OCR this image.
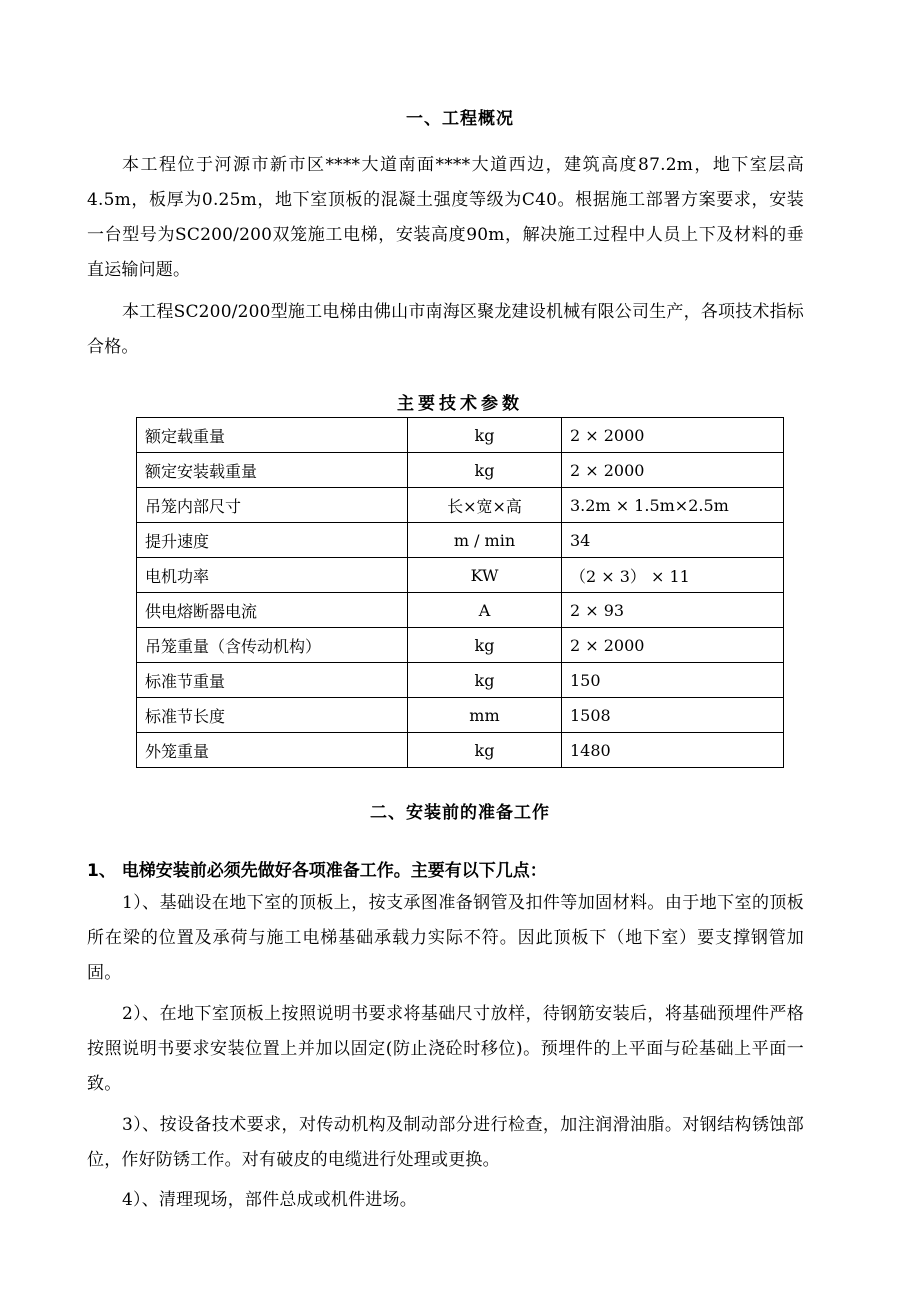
一、工程概况
本工程位于河源市新市区****大道南面****大道西边，建筑高度87.2m，地下室层高4.5m，板厚为0.25m，地下室顶板的混凝土强度等级为C40。根据施工部署方案要求，安装一台型号为SC200/200双笼施工电梯，安装高度90m，解决施工过程中人员上下及材料的垂直运输问题。
本工程SC200/200型施工电梯由佛山市南海区聚龙建设机械有限公司生产，各项技术指标合格。
主要技术参数
额定载重量	kg	2 × 2000
额定安装载重量	kg	2 × 2000
吊笼内部尺寸	长×宽×高	3.2m × 1.5m×2.5m
提升速度	m / min	34
电机功率	KW	（2 × 3） × 11
供电熔断器电流	A	2 × 93
吊笼重量（含传动机构）	kg	2 × 2000
标准节重量	kg	150
标准节长度	mm	1508
外笼重量	kg	1480
二、安装前的准备工作
1、 电梯安装前必须先做好各项准备工作。主要有以下几点：
1）、基础设在地下室的顶板上，按支承图准备钢管及扣件等加固材料。由于地下室的顶板所在梁的位置及承荷与施工电梯基础承载力实际不符。因此顶板下（地下室）要支撑钢管加固。
2）、在地下室顶板上按照说明书要求将基础尺寸放样，待钢筋安装后，将基础预埋件严格按照说明书要求安装位置上并加以固定(防止浇砼时移位)。预埋件的上平面与砼基础上平面一致。
3）、按设备技术要求，对传动机构及制动部分进行检查，加注润滑油脂。对钢结构锈蚀部位，作好防锈工作。对有破皮的电缆进行处理或更换。
4）、清理现场，部件总成或机件进场。
